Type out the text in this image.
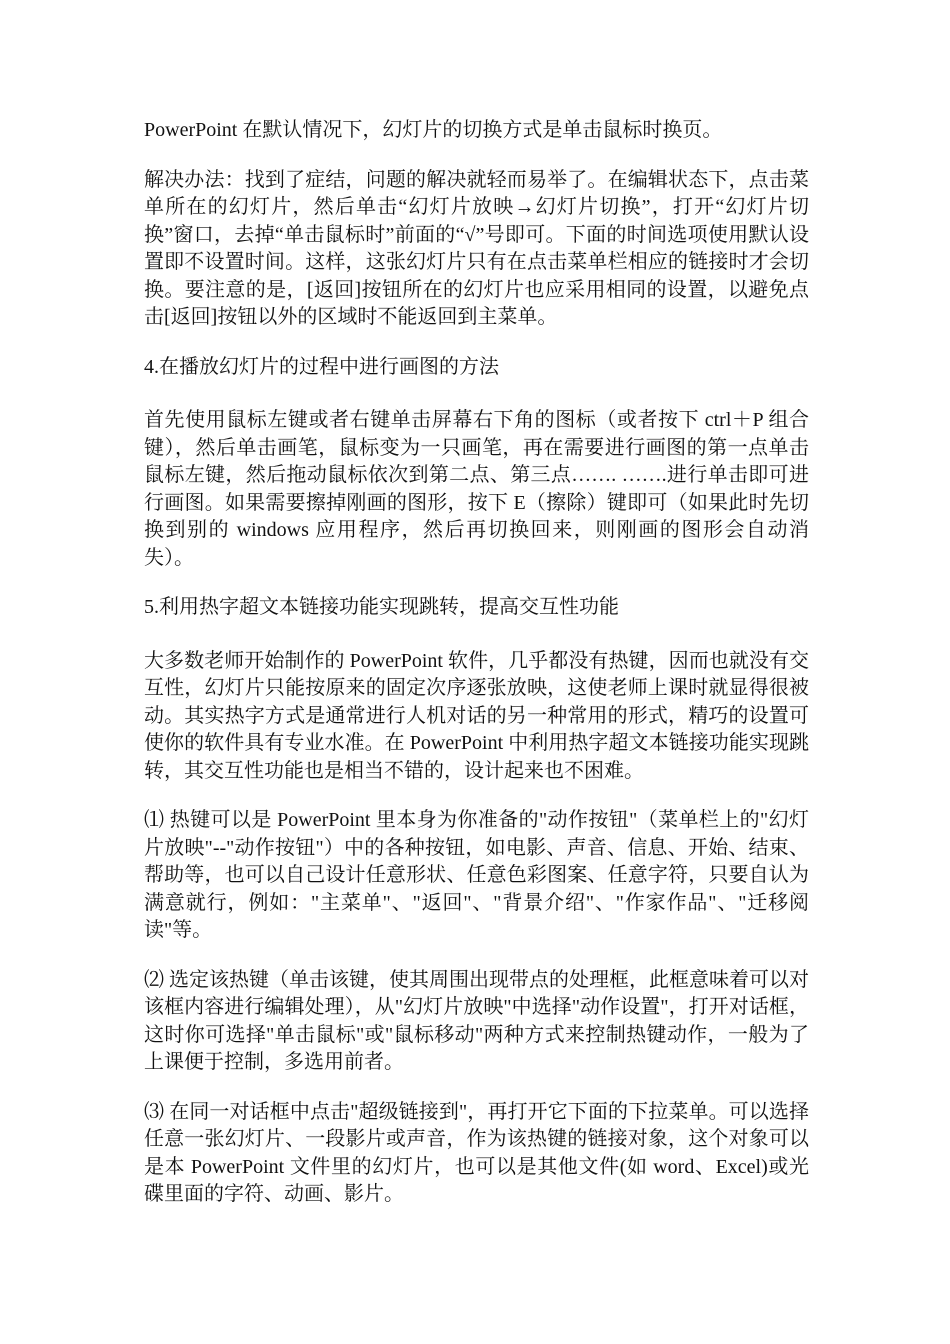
PowerPoint 在默认情况下，幻灯片的切换方式是单击鼠标时换页。

解决办法：找到了症结，问题的解决就轻而易举了。在编辑状态下，点击菜单所在的幻灯片，然后单击“幻灯片放映→幻灯片切换”，打开“幻灯片切换”窗口，去掉“单击鼠标时”前面的“√”号即可。下面的时间选项使用默认设置即不设置时间。这样，这张幻灯片只有在点击菜单栏相应的链接时才会切换。要注意的是，[返回]按钮所在的幻灯片也应采用相同的设置，以避免点击[返回]按钮以外的区域时不能返回到主菜单。

4.在播放幻灯片的过程中进行画图的方法

首先使用鼠标左键或者右键单击屏幕右下角的图标（或者按下 ctrl＋P 组合键），然后单击画笔，鼠标变为一只画笔，再在需要进行画图的第一点单击鼠标左键，然后拖动鼠标依次到第二点、第三点……. …….进行单击即可进行画图。如果需要擦掉刚画的图形，按下 E（擦除）键即可（如果此时先切换到别的 windows 应用程序，然后再切换回来，则刚画的图形会自动消失）。

5.利用热字超文本链接功能实现跳转，提高交互性功能

大多数老师开始制作的 PowerPoint 软件，几乎都没有热键，因而也就没有交互性，幻灯片只能按原来的固定次序逐张放映，这使老师上课时就显得很被动。其实热字方式是通常进行人机对话的另一种常用的形式，精巧的设置可使你的软件具有专业水准。在 PowerPoint 中利用热字超文本链接功能实现跳转，其交互性功能也是相当不错的，设计起来也不困难。

⑴ 热键可以是 PowerPoint 里本身为你准备的"动作按钮"（菜单栏上的"幻灯片放映"--"动作按钮"）中的各种按钮，如电影、声音、信息、开始、结束、帮助等，也可以自己设计任意形状、任意色彩图案、任意字符，只要自认为满意就行，例如："主菜单"、"返回"、"背景介绍"、"作家作品"、"迁移阅读"等。

⑵ 选定该热键（单击该键，使其周围出现带点的处理框，此框意味着可以对该框内容进行编辑处理），从"幻灯片放映"中选择"动作设置"，打开对话框，这时你可选择"单击鼠标"或"鼠标移动"两种方式来控制热键动作，一般为了上课便于控制，多选用前者。

⑶ 在同一对话框中点击"超级链接到"，再打开它下面的下拉菜单。可以选择任意一张幻灯片、一段影片或声音，作为该热键的链接对象，这个对象可以是本 PowerPoint 文件里的幻灯片，也可以是其他文件(如 word、Excel)或光碟里面的字符、动画、影片。
